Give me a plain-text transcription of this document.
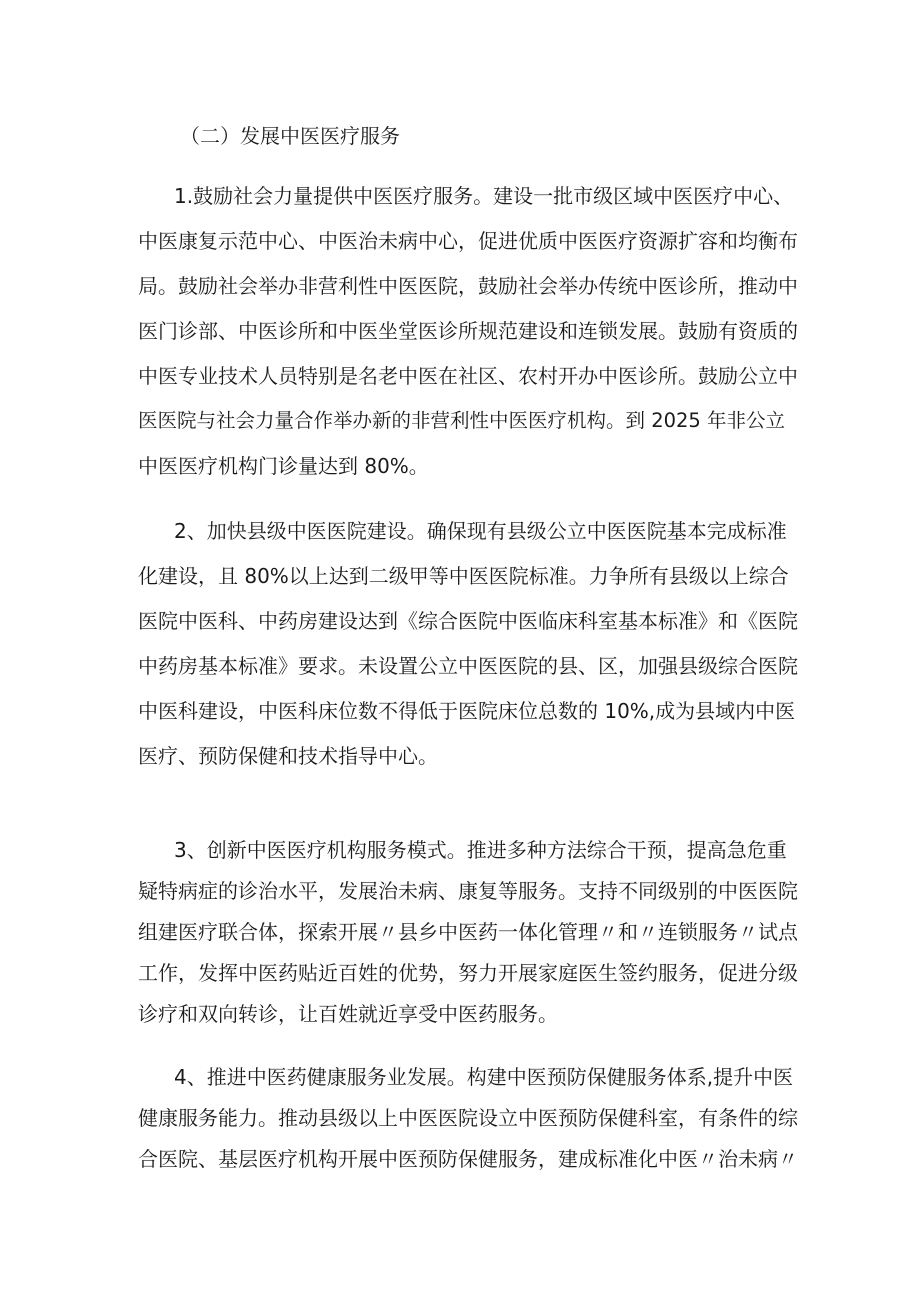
（二）发展中医医疗服务
1.鼓励社会力量提供中医医疗服务。建设一批市级区域中医医疗中心、
中医康复示范中心、中医治未病中心，促进优质中医医疗资源扩容和均衡布
局。鼓励社会举办非营利性中医医院，鼓励社会举办传统中医诊所，推动中
医门诊部、中医诊所和中医坐堂医诊所规范建设和连锁发展。鼓励有资质的
中医专业技术人员特别是名老中医在社区、农村开办中医诊所。鼓励公立中
医医院与社会力量合作举办新的非营利性中医医疗机构。到 2025 年非公立
中医医疗机构门诊量达到 80%。
2、加快县级中医医院建设。确保现有县级公立中医医院基本完成标准
化建设，且 80%以上达到二级甲等中医医院标准。力争所有县级以上综合
医院中医科、中药房建设达到《综合医院中医临床科室基本标准》和《医院
中药房基本标准》要求。未设置公立中医医院的县、区，加强县级综合医院
中医科建设，中医科床位数不得低于医院床位总数的 10%,成为县域内中医
医疗、预防保健和技术指导中心。
3、创新中医医疗机构服务模式。推进多种方法综合干预，提高急危重
疑特病症的诊治水平，发展治未病、康复等服务。支持不同级别的中医医院
组建医疗联合体，探索开展〃县乡中医药一体化管理〃和〃连锁服务〃试点
工作，发挥中医药贴近百姓的优势，努力开展家庭医生签约服务，促进分级
诊疗和双向转诊，让百姓就近享受中医药服务。
4、推进中医药健康服务业发展。构建中医预防保健服务体系,提升中医
健康服务能力。推动县级以上中医医院设立中医预防保健科室，有条件的综
合医院、基层医疗机构开展中医预防保健服务，建成标准化中医〃治未病〃
